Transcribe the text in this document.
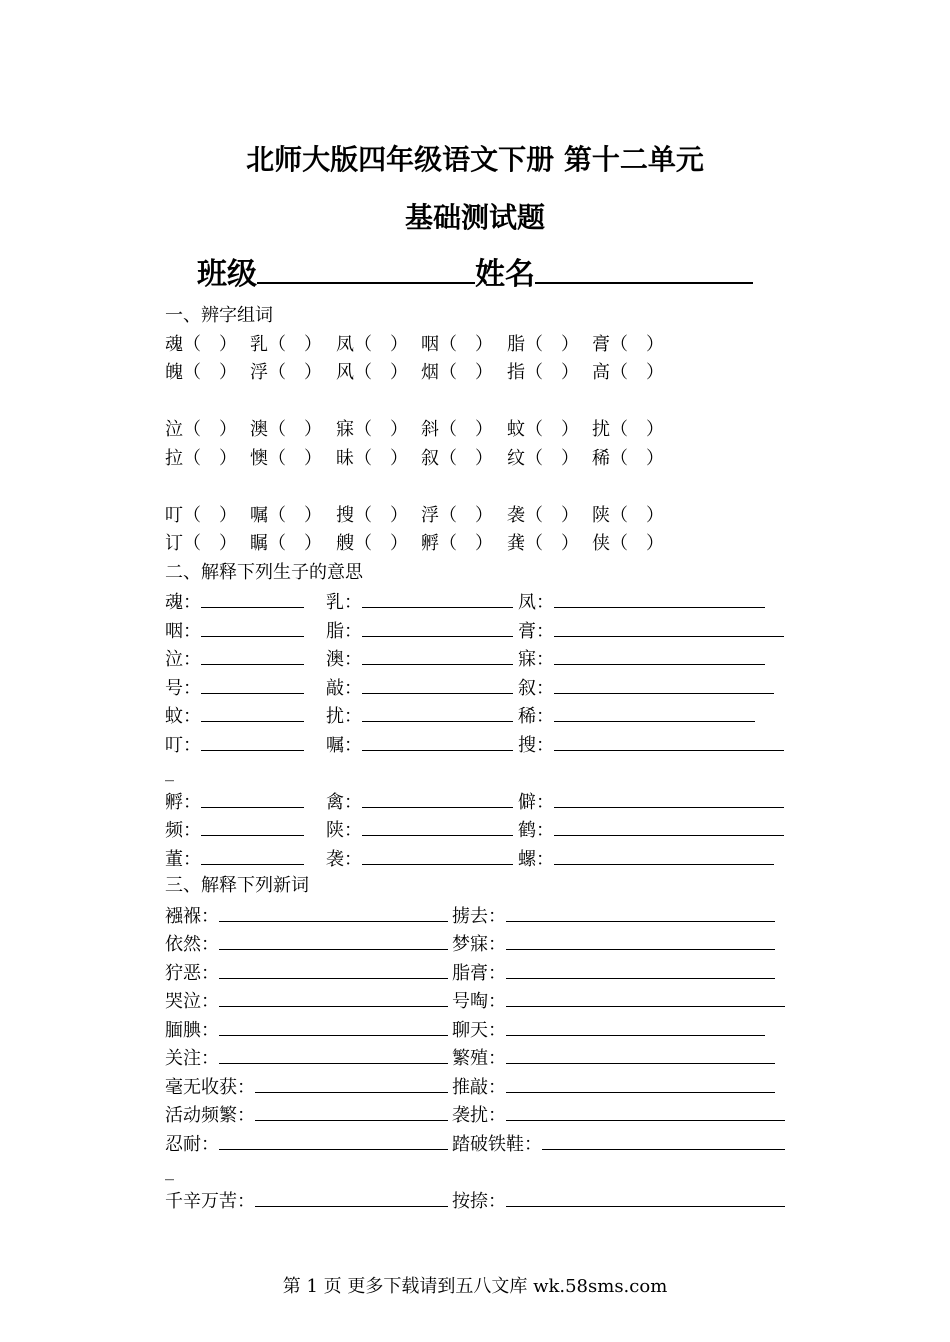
北师大版四年级语文下册 第十二单元
基础测试题
班级	姓名
一、辨字组词
魂（　） 乳（　） 凤（　） 咽（　） 脂（　） 膏（　）
魄（　） 浮（　） 风（　） 烟（　） 指（　） 高（　）
泣（　） 澳（　） 寐（　） 斜（　） 蚊（　） 扰（　）
拉（　） 懊（　） 昧（　） 叙（　） 纹（　） 稀（　）
叮（　） 嘱（　） 搜（　） 浮（　） 袭（　） 陕（　）
订（　） 瞩（　） 艘（　） 孵（　） 龚（　） 侠（　）
二、解释下列生子的意思
魂：	乳：	凤：
咽：	脂：	膏：
泣：	澳：	寐：
号：	敲：	叙：
蚊：	扰：	稀：
叮：	嘱：	搜：
_
孵：	禽：	僻：
频：	陕：	鹤：
董：	袭：	螺：
三、解释下列新词
襁褓：	掳去：
依然：	梦寐：
狞恶：	脂膏：
哭泣：	号啕：
腼腆：	聊天：
关注：	繁殖：
毫无收获：	推敲：
活动频繁：	袭扰：
忍耐：	踏破铁鞋：
_
千辛万苦：	按捺：
第 1 页 更多下载请到五八文库 wk.58sms.com
